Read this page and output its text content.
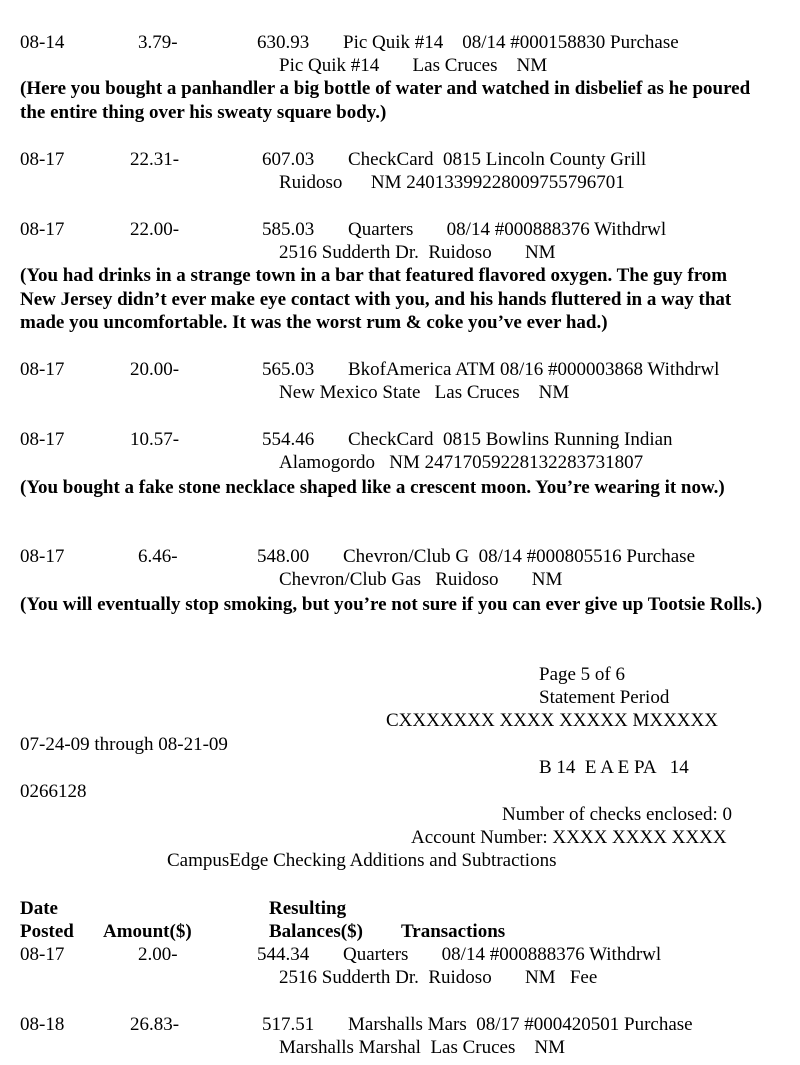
08-14	3.79-	630.93 Pic Quik #14    08/14 #000158830 Purchase
Pic Quik #14       Las Cruces    NM
(Here you bought a panhandler a big bottle of water and watched in disbelief as he poured the entire thing over his sweaty square body.)
08-17	22.31-	607.03 CheckCard  0815 Lincoln County Grill
Ruidoso      NM 24013399228009755796701
08-17	22.00-	585.03 Quarters       08/14 #000888376 Withdrwl
2516 Sudderth Dr.  Ruidoso       NM
(You had drinks in a strange town in a bar that featured flavored oxygen. The guy from New Jersey didn’t ever make eye contact with you, and his hands fluttered in a way that made you uncomfortable. It was the worst rum & coke you’ve ever had.)
08-17	20.00-	565.03 BkofAmerica ATM 08/16 #000003868 Withdrwl
New Mexico State   Las Cruces    NM
08-17	10.57-	554.46 CheckCard  0815 Bowlins Running Indian
Alamogordo   NM 24717059228132283731807
(You bought a fake stone necklace shaped like a crescent moon. You’re wearing it now.)
08-17	6.46-	548.00 Chevron/Club G  08/14 #000805516 Purchase
Chevron/Club Gas   Ruidoso       NM
(You will eventually stop smoking, but you’re not sure if you can ever give up Tootsie Rolls.)
Page 5 of 6
Statement Period
CXXXXXXX XXXX XXXXX MXXXXX
07-24-09 through 08-21-09
B 14  E A E PA   14
0266128
Number of checks enclosed: 0
Account Number: XXXX XXXX XXXX
CampusEdge Checking Additions and Subtractions
Date
Posted Amount($)
Resulting
Balances($) Transactions
08-17	2.00-	544.34 Quarters       08/14 #000888376 Withdrwl
2516 Sudderth Dr.  Ruidoso       NM   Fee
08-18	26.83-	517.51 Marshalls Mars  08/17 #000420501 Purchase
Marshalls Marshal  Las Cruces    NM
